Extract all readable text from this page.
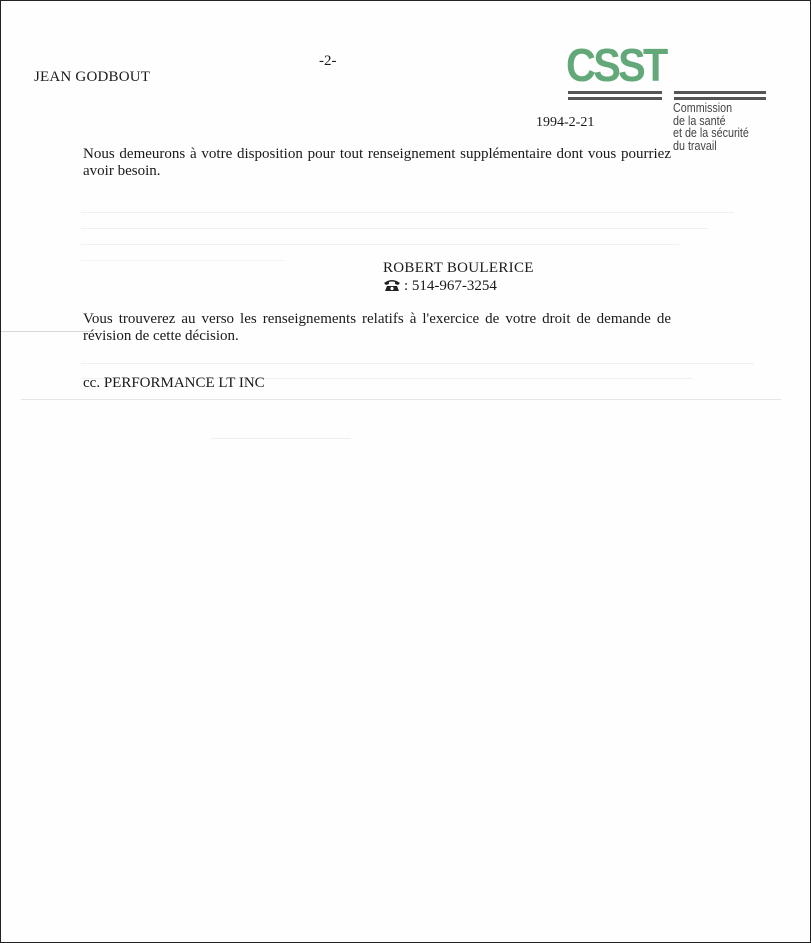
-2-
JEAN GODBOUT	CSST
Commission
de la santé
et de la sécurité
du travail
1994-2-21
Nous demeurons à votre disposition pour tout renseignement supplémentaire dont vous pourriez avoir besoin.
ROBERT BOULERICE
: 514-967-3254
Vous trouverez au verso les renseignements relatifs à l'exercice de votre droit de demande de révision de cette décision.
cc. PERFORMANCE LT INC
